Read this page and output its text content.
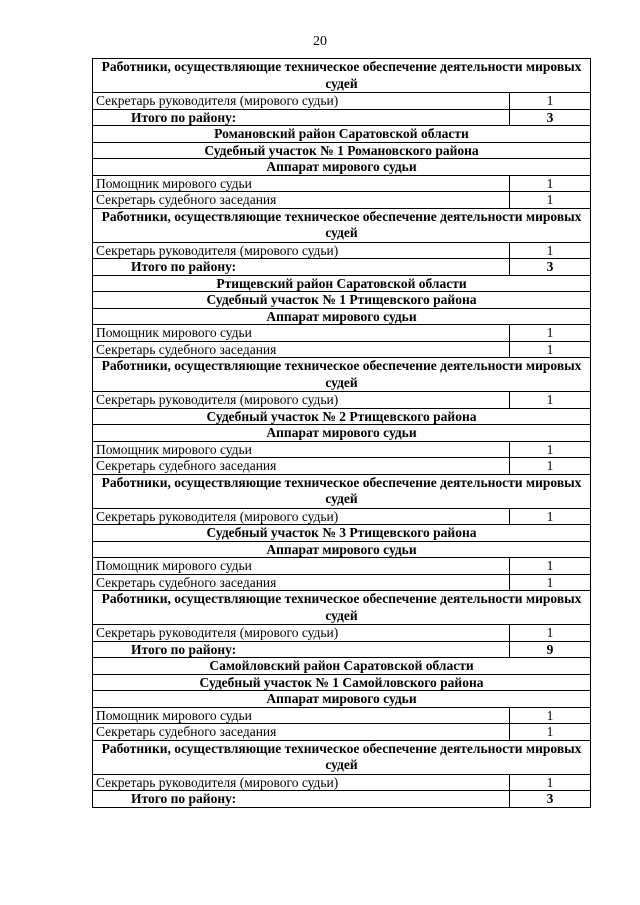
20
Работники, осуществляющие техническое обеспечение деятельности мировых судей	
Секретарь руководителя (мирового судьи)	1
Итого по району:	3
Романовский район Саратовской области	
Судебный участок № 1 Романовского района	
Аппарат мирового судьи	
Помощник мирового судьи	1
Секретарь судебного заседания	1
Работники, осуществляющие техническое обеспечение деятельности мировых судей	
Секретарь руководителя (мирового судьи)	1
Итого по району:	3
Ртищевский район Саратовской области	
Судебный участок № 1 Ртищевского района	
Аппарат мирового судьи	
Помощник мирового судьи	1
Секретарь судебного заседания	1
Работники, осуществляющие техническое обеспечение деятельности мировых судей	
Секретарь руководителя (мирового судьи)	1
Судебный участок № 2 Ртищевского района	
Аппарат мирового судьи	
Помощник мирового судьи	1
Секретарь судебного заседания	1
Работники, осуществляющие техническое обеспечение деятельности мировых судей	
Секретарь руководителя (мирового судьи)	1
Судебный участок № 3 Ртищевского района	
Аппарат мирового судьи	
Помощник мирового судьи	1
Секретарь судебного заседания	1
Работники, осуществляющие техническое обеспечение деятельности мировых судей	
Секретарь руководителя (мирового судьи)	1
Итого по району:	9
Самойловский район Саратовской области	
Судебный участок № 1 Самойловского района	
Аппарат мирового судьи	
Помощник мирового судьи	1
Секретарь судебного заседания	1
Работники, осуществляющие техническое обеспечение деятельности мировых судей	
Секретарь руководителя (мирового судьи)	1
Итого по району:	3
